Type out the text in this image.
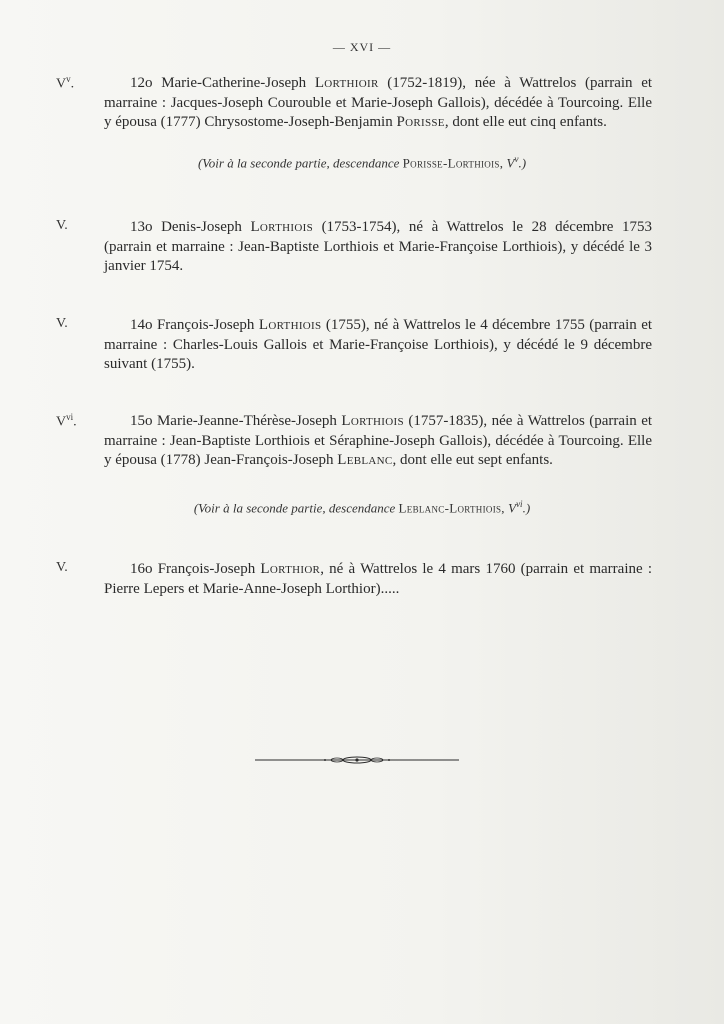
— XVI —
$V^v$.	12o Marie-Catherine-Joseph Lorthioir (1752-1819), née à Wattrelos (parrain et marraine : Jacques-Joseph Courouble et Marie-Joseph Gallois), décédée à Tourcoing. Elle y épousa (1777) Chrysostome-Joseph-Benjamin Porisse, dont elle eut cinq enfants.
(Voir à la seconde partie, descendance Porisse-Lorthiois, $V^v$.)
V.	13o Denis-Joseph Lorthiois (1753-1754), né à Wattrelos le 28 décembre 1753 (parrain et marraine : Jean-Baptiste Lorthiois et Marie-Françoise Lorthiois), y décédé le 3 janvier 1754.
V.	14o François-Joseph Lorthiois (1755), né à Wattrelos le 4 décembre 1755 (parrain et marraine : Charles-Louis Gallois et Marie-Françoise Lorthiois), y décédé le 9 décembre suivant (1755).
$V^{vi}$.	15o Marie-Jeanne-Thérèse-Joseph Lorthiois (1757-1835), née à Wattrelos (parrain et marraine : Jean-Baptiste Lorthiois et Séraphine-Joseph Gallois), décédée à Tourcoing. Elle y épousa (1778) Jean-François-Joseph Leblanc, dont elle eut sept enfants.
(Voir à la seconde partie, descendance Leblanc-Lorthiois, $V^{vi}$.)
V.	16o François-Joseph Lorthior, né à Wattrelos le 4 mars 1760 (parrain et marraine : Pierre Lepers et Marie-Anne-Joseph Lorthior).....
